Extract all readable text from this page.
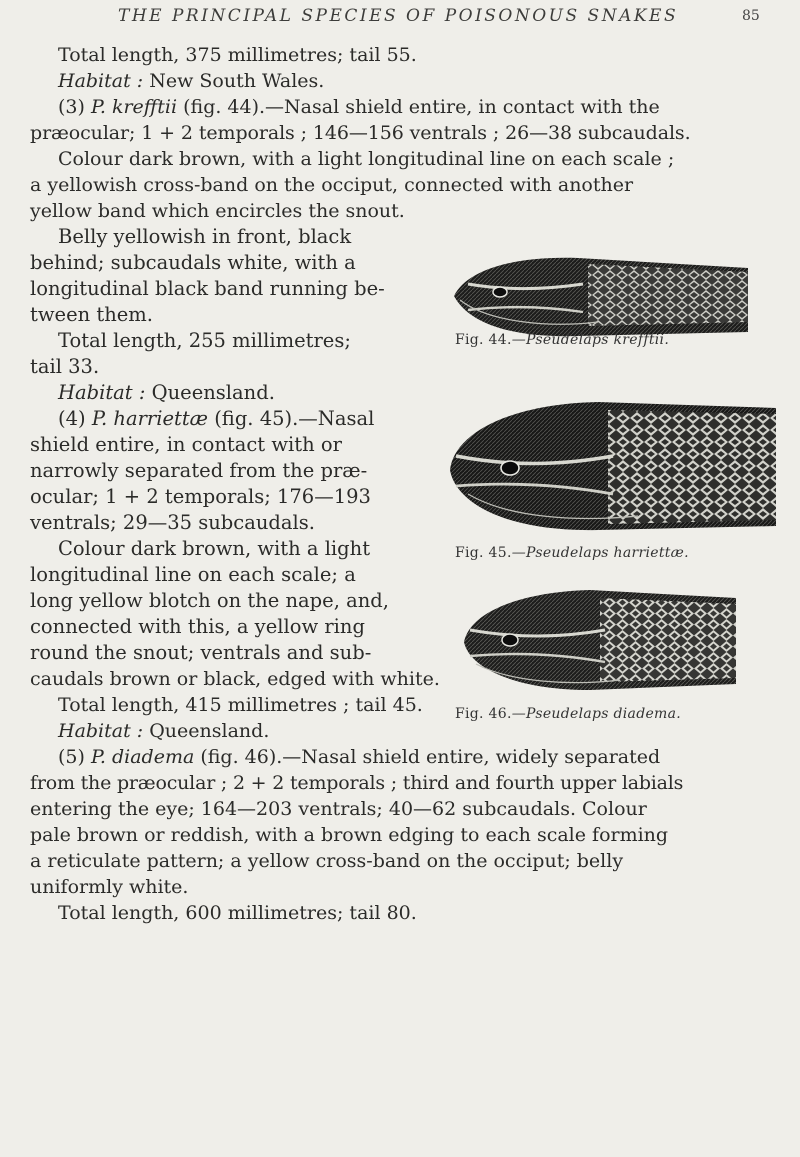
THE PRINCIPAL SPECIES OF POISONOUS SNAKES	85
Total length, 375 millimetres; tail 55.
Habitat : New South Wales.
(3) P. krefftii (fig. 44).—Nasal shield entire, in contact with the
præocular; 1 + 2 temporals ; 146—156 ventrals ; 26—38 subcaudals.
Colour dark brown, with a light longitudinal line on each scale ;
a yellowish cross-band on the occiput, connected with another
yellow band which encircles the snout.
Belly yellowish in front, black
behind; subcaudals white, with a
longitudinal black band running be-
tween them.
Total length, 255 millimetres;
tail 33.
Habitat : Queensland.
(4) P. harriettæ (fig. 45).—Nasal
shield entire, in contact with or
narrowly separated from the præ-
ocular; 1 + 2 temporals; 176—193
ventrals; 29—35 subcaudals.
Colour dark brown, with a light
longitudinal line on each scale; a
long yellow blotch on the nape, and,
connected with this, a yellow ring
round the snout; ventrals and sub-
caudals brown or black, edged with white.
Total length, 415 millimetres ; tail 45.
Habitat : Queensland.
(5) P. diadema (fig. 46).—Nasal shield entire, widely separated
from the præocular ; 2 + 2 temporals ; third and fourth upper labials
entering the eye; 164—203 ventrals; 40—62 subcaudals. Colour
pale brown or reddish, with a brown edging to each scale forming
a reticulate pattern; a yellow cross-band on the occiput; belly
uniformly white.
Total length, 600 millimetres; tail 80.
Fig. 44.—Pseudelaps krefftii.
Fig. 45.—Pseudelaps harriettæ.
Fig. 46.—Pseudelaps diadema.
